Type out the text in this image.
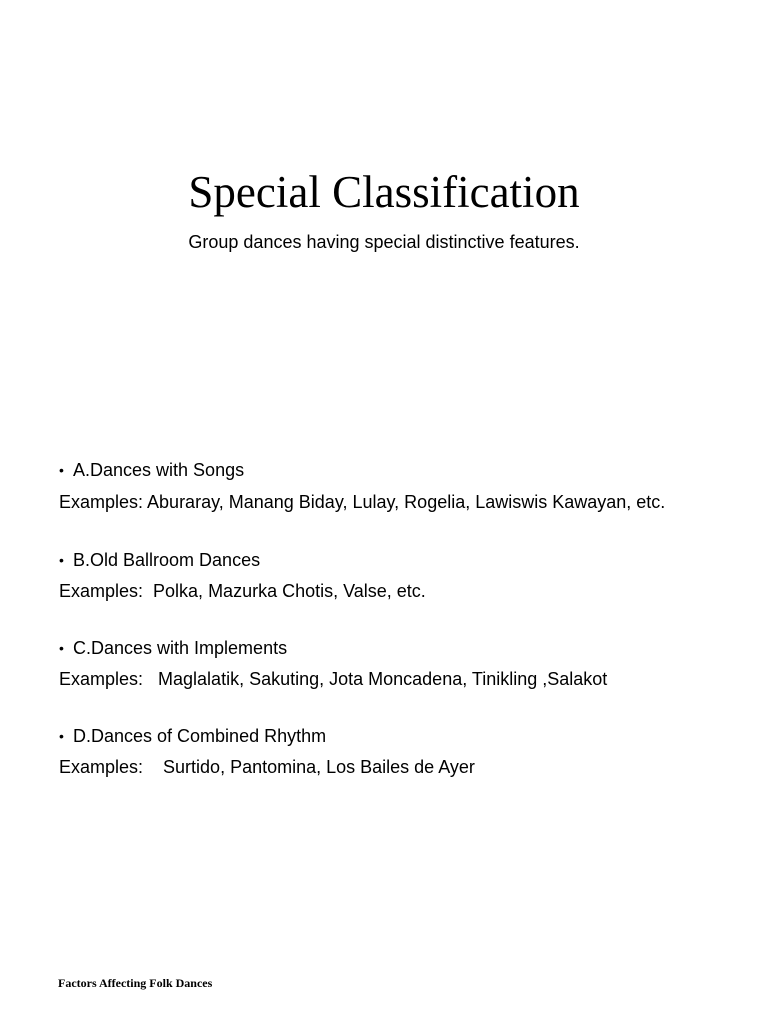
Special Classification

Group dances having special distinctive features.

• A.Dances with Songs

Examples: Aburaray, Manang Biday, Lulay, Rogelia, Lawiswis Kawayan, etc.

• B.Old Ballroom Dances

Examples:  Polka, Mazurka Chotis, Valse, etc.

• C.Dances with Implements

Examples:   Maglalatik, Sakuting, Jota Moncadena, Tinikling ,Salakot

• D.Dances of Combined Rhythm

Examples:    Surtido, Pantomina, Los Bailes de Ayer

Factors Affecting Folk Dances
